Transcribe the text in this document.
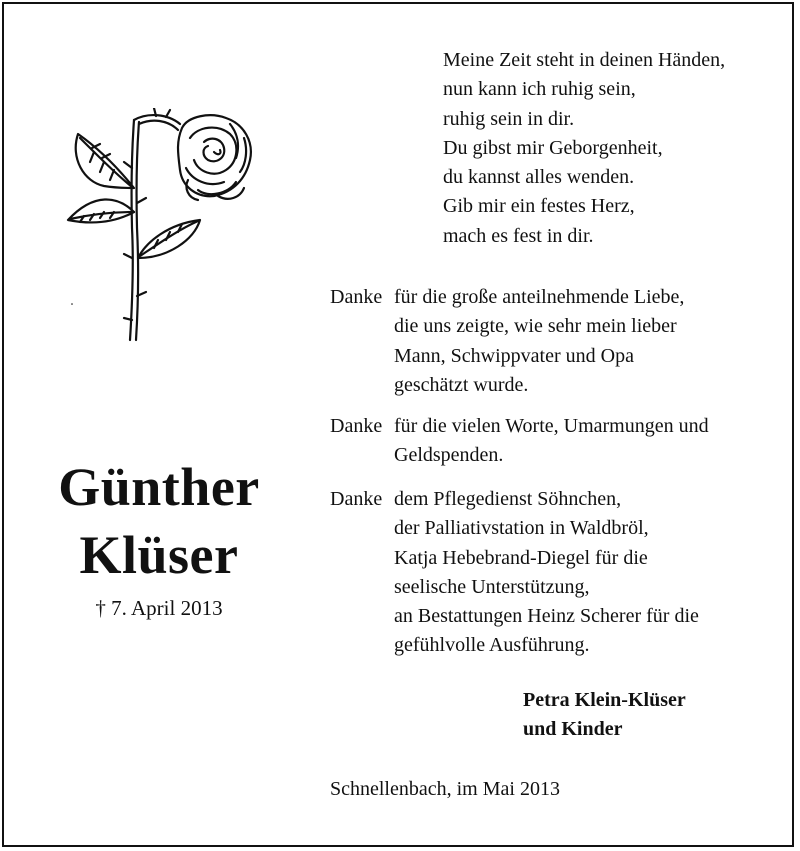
Günther
Klüser
† 7. April 2013
Meine Zeit steht in deinen Händen,
nun kann ich ruhig sein,
ruhig sein in dir.
Du gibst mir Geborgenheit,
du kannst alles wenden.
Gib mir ein festes Herz,
mach es fest in dir.
Danke für die große anteilnehmende Liebe,
die uns zeigte, wie sehr mein lieber
Mann, Schwippvater und Opa
geschätzt wurde.
Danke für die vielen Worte, Umarmungen und
Geldspenden.
Danke dem Pflegedienst Söhnchen,
der Palliativstation in Waldbröl,
Katja Hebebrand-Diegel für die
seelische Unterstützung,
an Bestattungen Heinz Scherer für die
gefühlvolle Ausführung.
Petra Klein-Klüser
und Kinder
Schnellenbach, im Mai 2013
